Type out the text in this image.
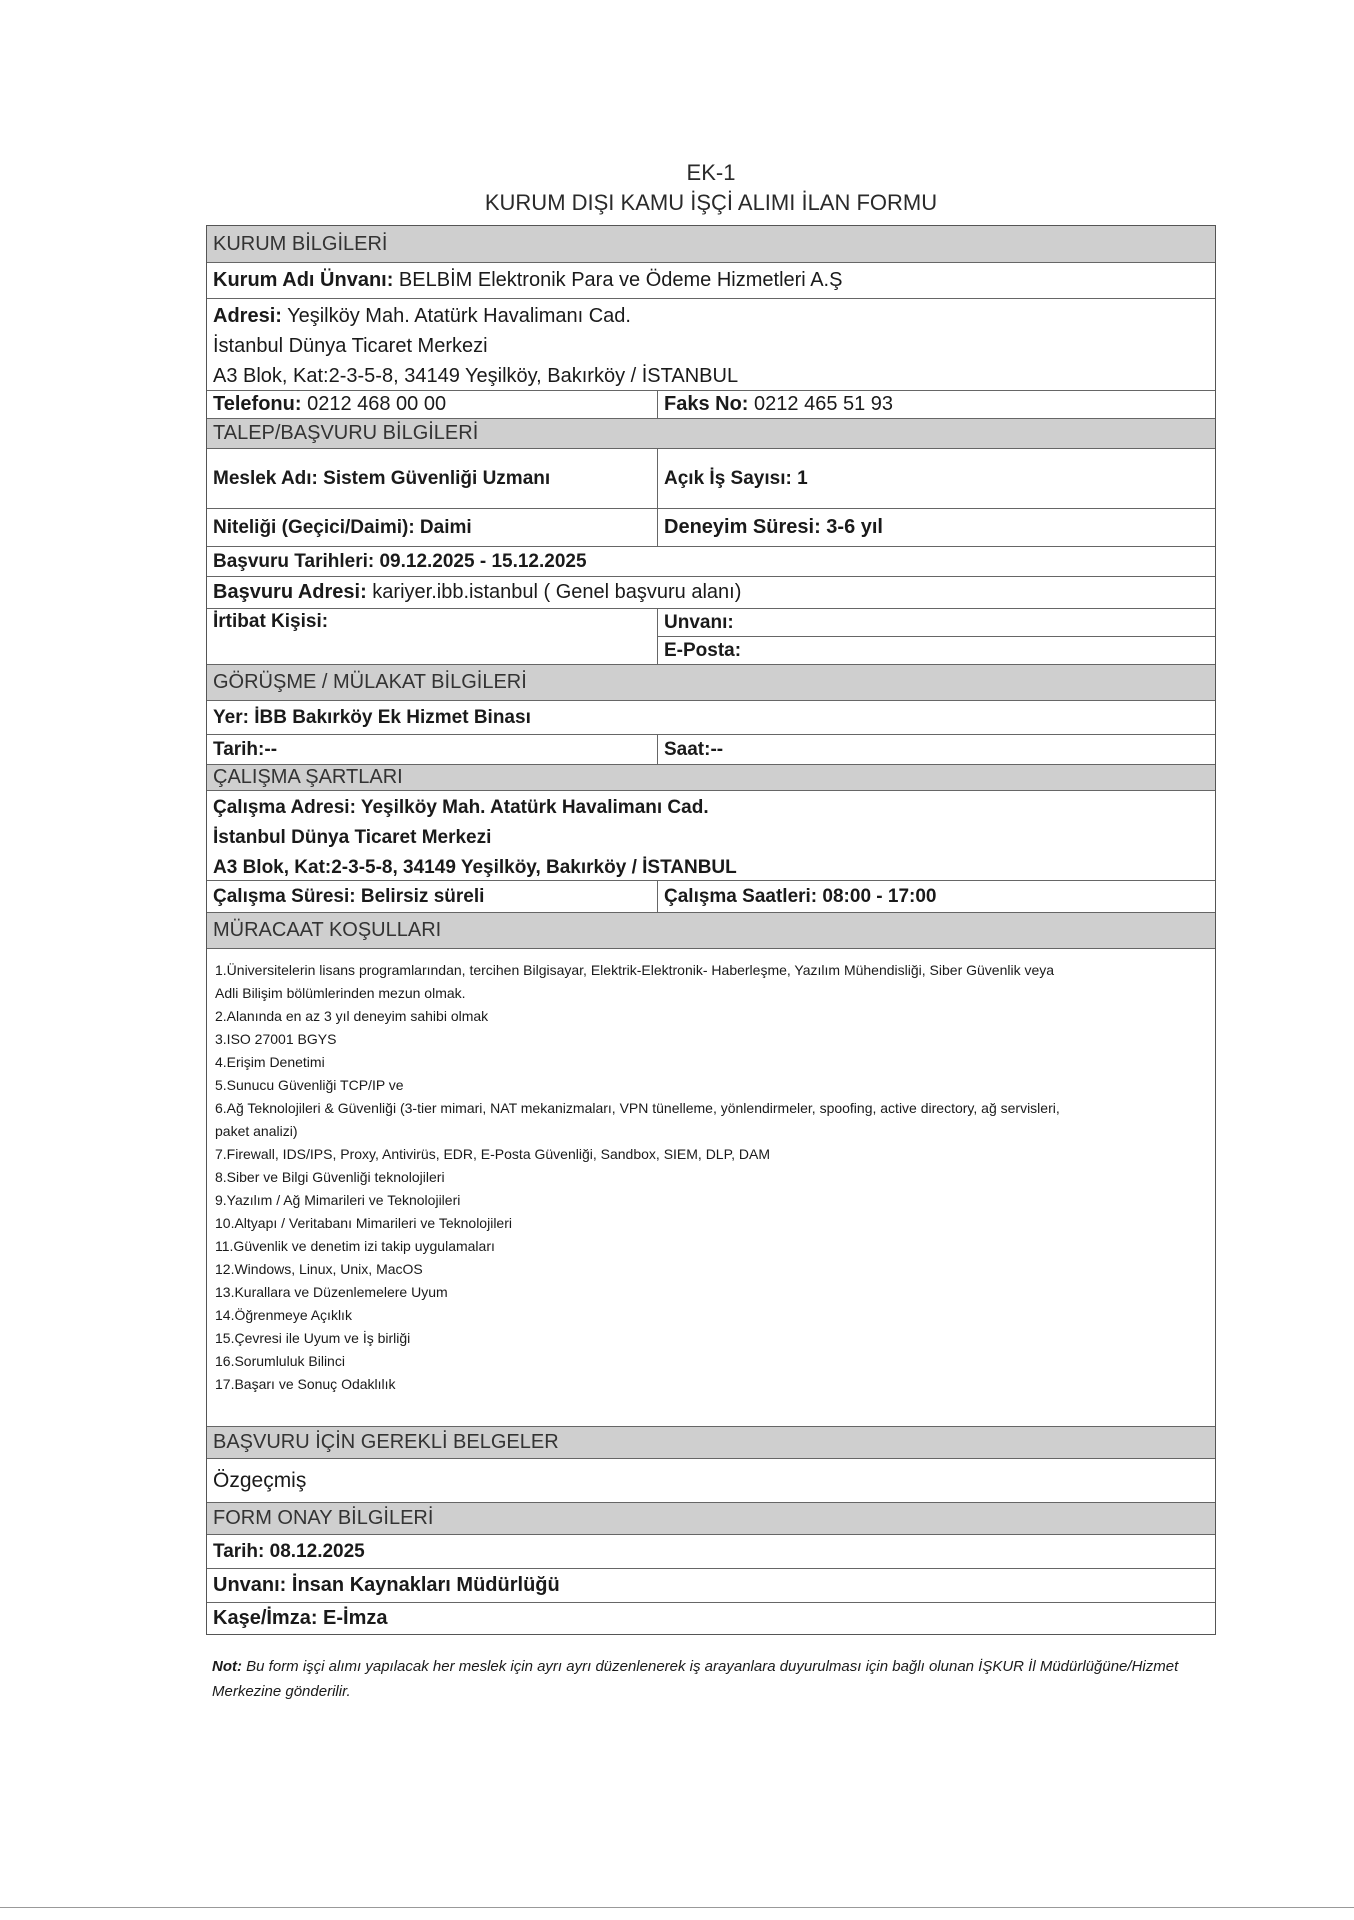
EK-1
KURUM DIŞI KAMU İŞÇİ ALIMI İLAN FORMU
KURUM BİLGİLERİ
Kurum Adı Ünvanı: BELBİM Elektronik Para ve Ödeme Hizmetleri A.Ş
Adresi: Yeşilköy Mah. Atatürk Havalimanı Cad.
İstanbul Dünya Ticaret Merkezi
A3 Blok, Kat:2-3-5-8, 34149 Yeşilköy, Bakırköy / İSTANBUL
Telefonu: 0212 468 00 00	Faks No: 0212 465 51 93
TALEP/BAŞVURU BİLGİLERİ
Meslek Adı: Sistem Güvenliği Uzmanı	Açık İş Sayısı: 1
Niteliği (Geçici/Daimi): Daimi	Deneyim Süresi: 3-6 yıl
Başvuru Tarihleri: 09.12.2025 - 15.12.2025
Başvuru Adresi: kariyer.ibb.istanbul ( Genel başvuru alanı)
İrtibat Kişisi:	Unvanı:
E-Posta:
GÖRÜŞME / MÜLAKAT BİLGİLERİ
Yer: İBB Bakırköy Ek Hizmet Binası
Tarih:--	Saat:--
ÇALIŞMA ŞARTLARI
Çalışma Adresi: Yeşilköy Mah. Atatürk Havalimanı Cad.
İstanbul Dünya Ticaret Merkezi
A3 Blok, Kat:2-3-5-8, 34149 Yeşilköy, Bakırköy / İSTANBUL
Çalışma Süresi: Belirsiz süreli	Çalışma Saatleri: 08:00 - 17:00
MÜRACAAT KOŞULLARI
1.Üniversitelerin lisans programlarından, tercihen Bilgisayar, Elektrik-Elektronik- Haberleşme, Yazılım Mühendisliği, Siber Güvenlik veya
Adli Bilişim bölümlerinden mezun olmak.
2.Alanında en az 3 yıl deneyim sahibi olmak
3.ISO 27001 BGYS
4.Erişim Denetimi
5.Sunucu Güvenliği TCP/IP ve
6.Ağ Teknolojileri & Güvenliği (3-tier mimari, NAT mekanizmaları, VPN tünelleme, yönlendirmeler, spoofing, active directory, ağ servisleri,
paket analizi)
7.Firewall, IDS/IPS, Proxy, Antivirüs, EDR, E-Posta Güvenliği, Sandbox, SIEM, DLP, DAM
8.Siber ve Bilgi Güvenliği teknolojileri
9.Yazılım / Ağ Mimarileri ve Teknolojileri
10.Altyapı / Veritabanı Mimarileri ve Teknolojileri
11.Güvenlik ve denetim izi takip uygulamaları
12.Windows, Linux, Unix, MacOS
13.Kurallara ve Düzenlemelere Uyum
14.Öğrenmeye Açıklık
15.Çevresi ile Uyum ve İş birliği
16.Sorumluluk Bilinci
17.Başarı ve Sonuç Odaklılık
BAŞVURU İÇİN GEREKLİ BELGELER
Özgeçmiş
FORM ONAY BİLGİLERİ
Tarih: 08.12.2025
Unvanı: İnsan Kaynakları Müdürlüğü
Kaşe/İmza: E-İmza
Not: Bu form işçi alımı yapılacak her meslek için ayrı ayrı düzenlenerek iş arayanlara duyurulması için bağlı olunan İŞKUR İl Müdürlüğüne/Hizmet Merkezine gönderilir.
